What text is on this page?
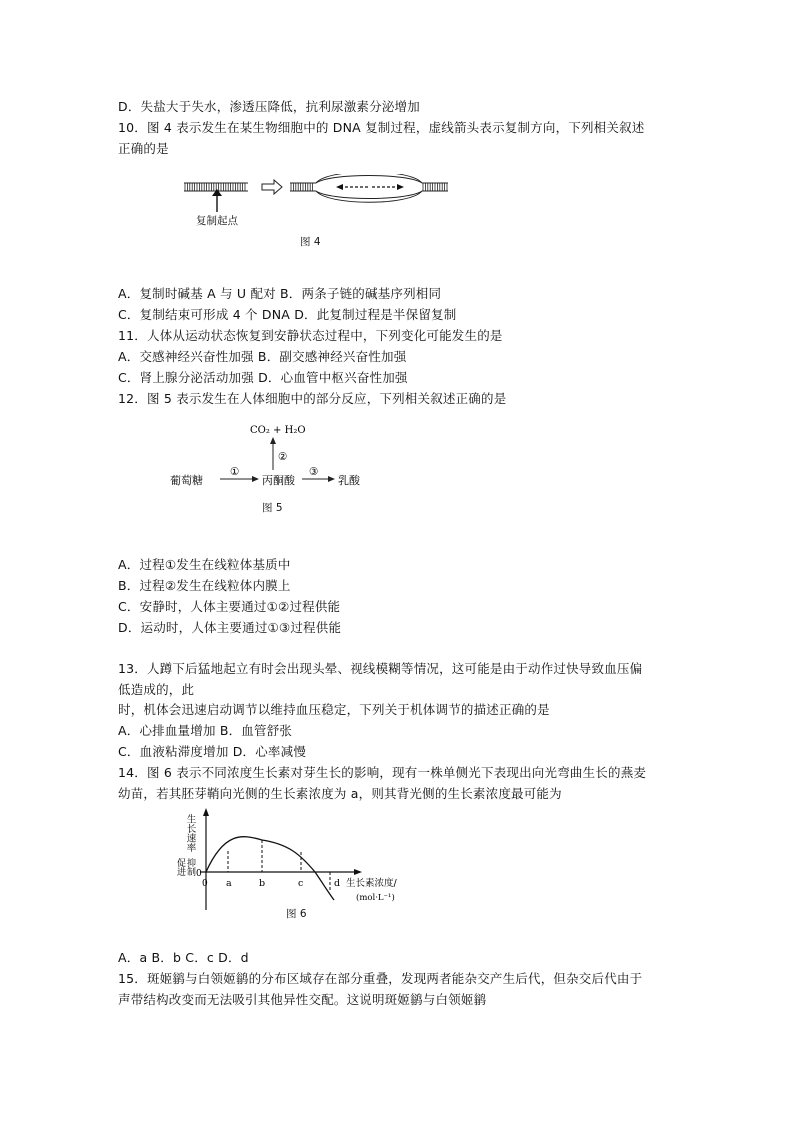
D．失盐大于失水，渗透压降低，抗利尿激素分泌增加
10．图 4 表示发生在某生物细胞中的 DNA 复制过程，虚线箭头表示复制方向，下列相关叙述
正确的是
复制起点
图 4
A．复制时碱基 A 与 U 配对 B．两条子链的碱基序列相同
C．复制结束可形成 4 个 DNA D．此复制过程是半保留复制
11．人体从运动状态恢复到安静状态过程中，下列变化可能发生的是
A．交感神经兴奋性加强 B．副交感神经兴奋性加强
C．肾上腺分泌活动加强 D．心血管中枢兴奋性加强
12．图 5 表示发生在人体细胞中的部分反应，下列相关叙述正确的是
CO₂ + H₂O
②
葡萄糖
①
丙酮酸
③
乳酸
图 5
A．过程①发生在线粒体基质中
B．过程②发生在线粒体内膜上
C．安静时，人体主要通过①②过程供能
D．运动时，人体主要通过①③过程供能
13．人蹲下后猛地起立有时会出现头晕、视线模糊等情况，这可能是由于动作过快导致血压偏
低造成的，此
时，机体会迅速启动调节以维持血压稳定，下列关于机体调节的描述正确的是
A．心排血量增加 B．血管舒张
C．血液粘滞度增加 D．心率减慢
14．图 6 表示不同浓度生长素对芽生长的影响，现有一株单侧光下表现出向光弯曲生长的燕麦
幼苗，若其胚芽鞘向光侧的生长素浓度为 a，则其背光侧的生长素浓度最可能为
生长速率
促进 抑制 0
0 a	b	c	d 生长素浓度/
(mol·L⁻¹)
图 6
A．a B．b C．c D．d
15．斑姬鹟与白领姬鹟的分布区域存在部分重叠，发现两者能杂交产生后代，但杂交后代由于
声带结构改变而无法吸引其他异性交配。这说明斑姬鹟与白领姬鹟
